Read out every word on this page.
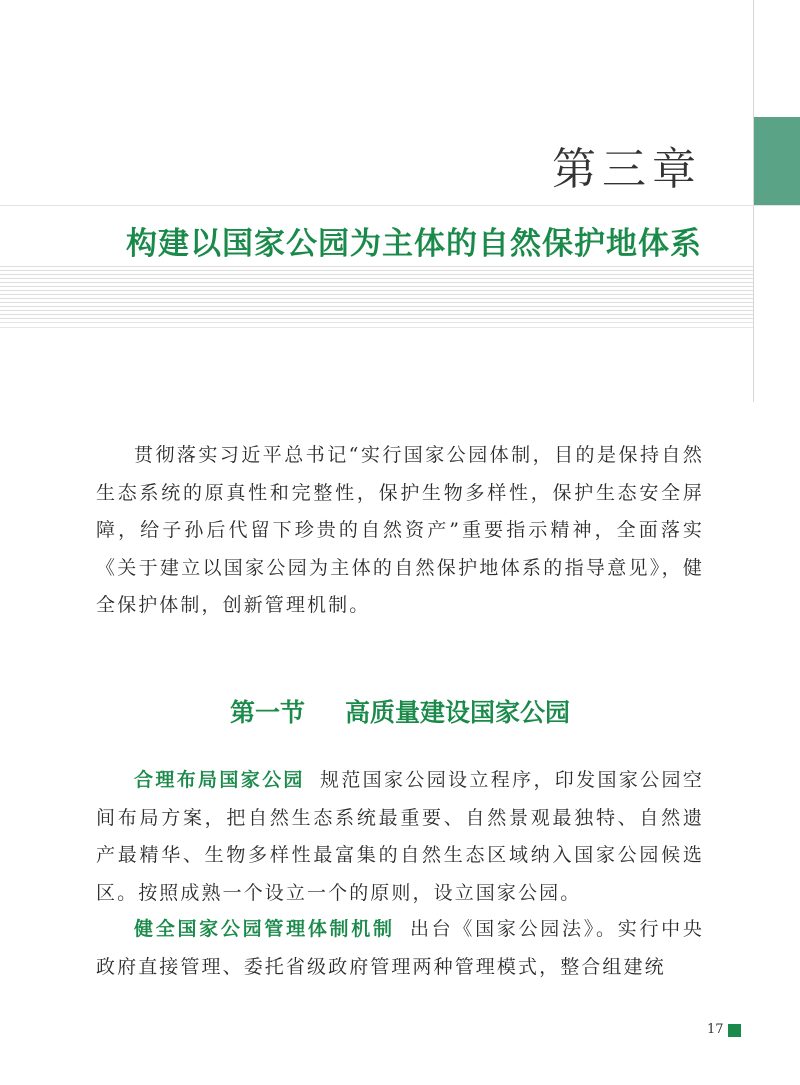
第三章
构建以国家公园为主体的自然保护地体系

贯彻落实习近平总书记“实行国家公园体制，目的是保持自然生态系统的原真性和完整性，保护生物多样性，保护生态安全屏障，给子孙后代留下珍贵的自然资产”重要指示精神，全面落实《关于建立以国家公园为主体的自然保护地体系的指导意见》，健全保护体制，创新管理机制。

第一节 高质量建设国家公园

合理布局国家公园 规范国家公园设立程序，印发国家公园空间布局方案，把自然生态系统最重要、自然景观最独特、自然遗产最精华、生物多样性最富集的自然生态区域纳入国家公园候选区。按照成熟一个设立一个的原则，设立国家公园。

健全国家公园管理体制机制 出台《国家公园法》。实行中央政府直接管理、委托省级政府管理两种管理模式，整合组建统

17
